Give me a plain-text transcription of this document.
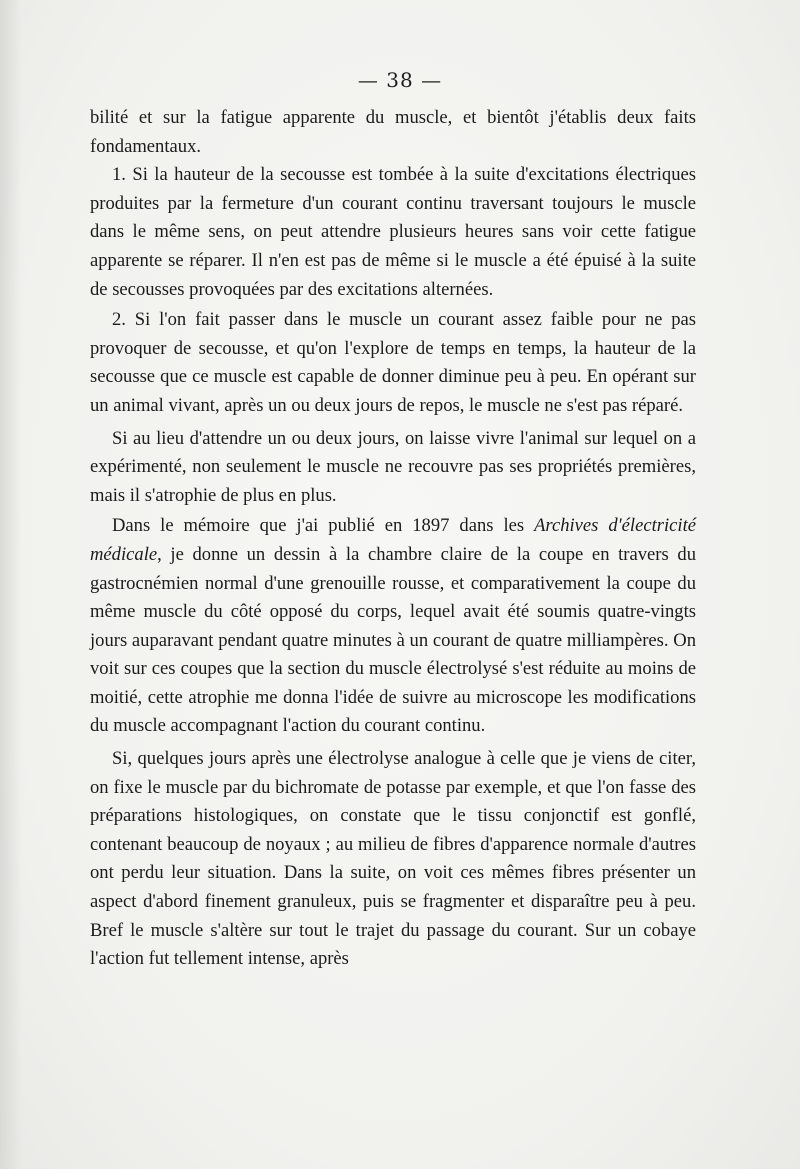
— 38 —

bilité et sur la fatigue apparente du muscle, et bientôt j'établis deux faits fondamentaux.

1. Si la hauteur de la secousse est tombée à la suite d'excitations électriques produites par la fermeture d'un courant continu traversant toujours le muscle dans le même sens, on peut attendre plusieurs heures sans voir cette fatigue apparente se réparer. Il n'en est pas de même si le muscle a été épuisé à la suite de secousses provoquées par des excitations alternées.

2. Si l'on fait passer dans le muscle un courant assez faible pour ne pas provoquer de secousse, et qu'on l'explore de temps en temps, la hauteur de la secousse que ce muscle est capable de donner diminue peu à peu. En opérant sur un animal vivant, après un ou deux jours de repos, le muscle ne s'est pas réparé.

Si au lieu d'attendre un ou deux jours, on laisse vivre l'animal sur lequel on a expérimenté, non seulement le muscle ne recouvre pas ses propriétés premières, mais il s'atrophie de plus en plus.

Dans le mémoire que j'ai publié en 1897 dans les Archives d'électricité médicale, je donne un dessin à la chambre claire de la coupe en travers du gastrocnémien normal d'une grenouille rousse, et comparativement la coupe du même muscle du côté opposé du corps, lequel avait été soumis quatre-vingts jours auparavant pendant quatre minutes à un courant de quatre milliampères. On voit sur ces coupes que la section du muscle électrolysé s'est réduite au moins de moitié, cette atrophie me donna l'idée de suivre au microscope les modifications du muscle accompagnant l'action du courant continu.

Si, quelques jours après une électrolyse analogue à celle que je viens de citer, on fixe le muscle par du bichromate de potasse par exemple, et que l'on fasse des préparations histologiques, on constate que le tissu conjonctif est gonflé, contenant beaucoup de noyaux ; au milieu de fibres d'apparence normale d'autres ont perdu leur situation. Dans la suite, on voit ces mêmes fibres présenter un aspect d'abord finement granuleux, puis se fragmenter et disparaître peu à peu. Bref le muscle s'altère sur tout le trajet du passage du courant. Sur un cobaye l'action fut tellement intense, après
